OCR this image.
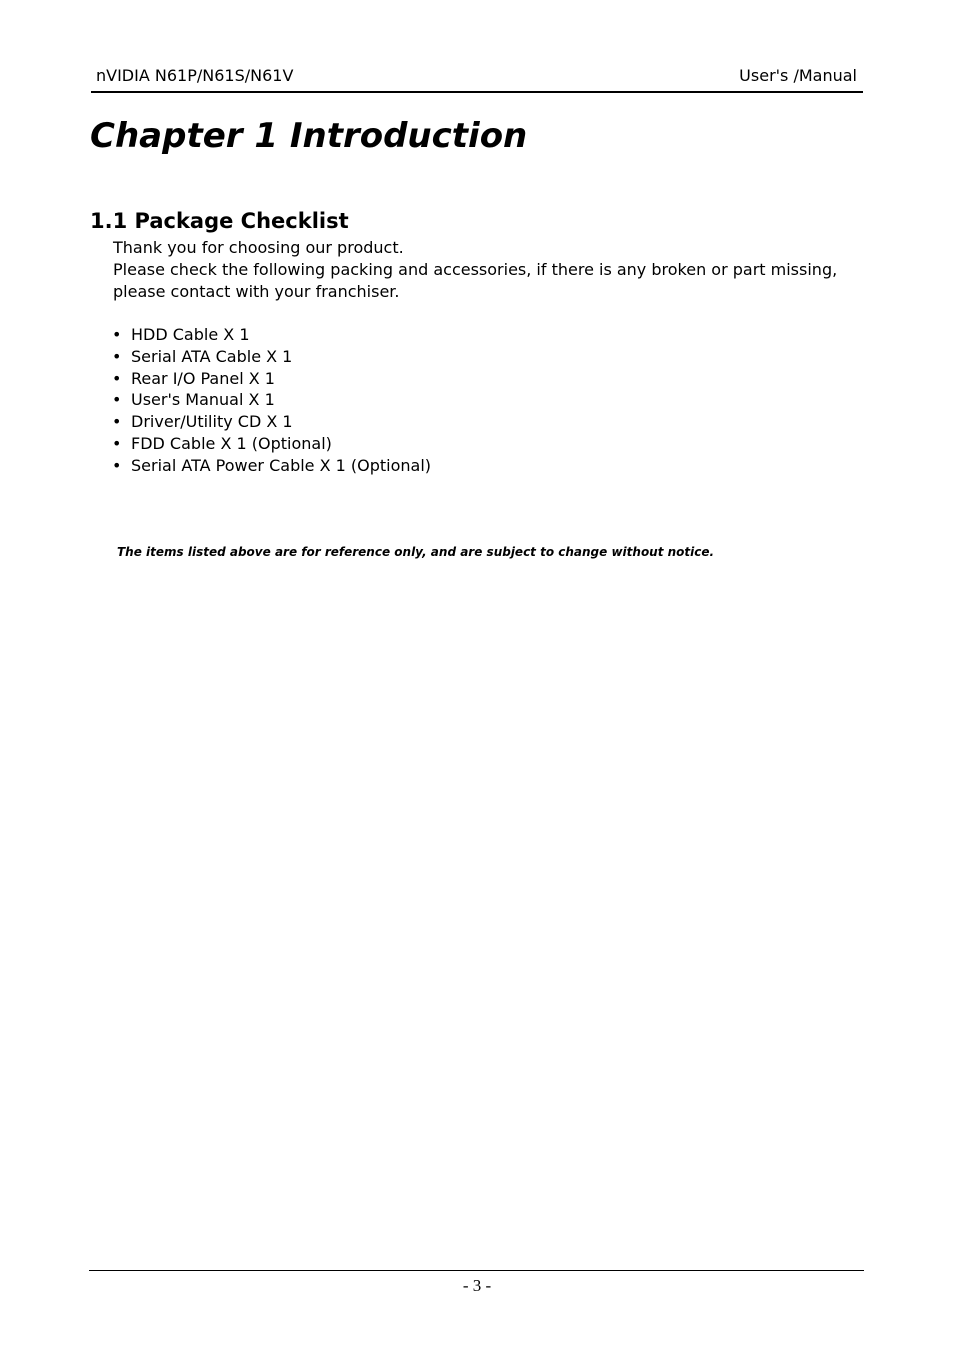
nVIDIA N61P/N61S/N61V	User's /Manual
Chapter 1 Introduction
1.1 Package Checklist

Thank you for choosing our product.

Please check the following packing and accessories, if there is any broken or part missing,

please contact with your franchiser.

• HDD Cable X 1
• Serial ATA Cable X 1
• Rear I/O Panel X 1
• User's Manual X 1
• Driver/Utility CD X 1
• FDD Cable X 1 (Optional)
• Serial ATA Power Cable X 1 (Optional)
The items listed above are for reference only, and are subject to change without notice.
- 3 -
